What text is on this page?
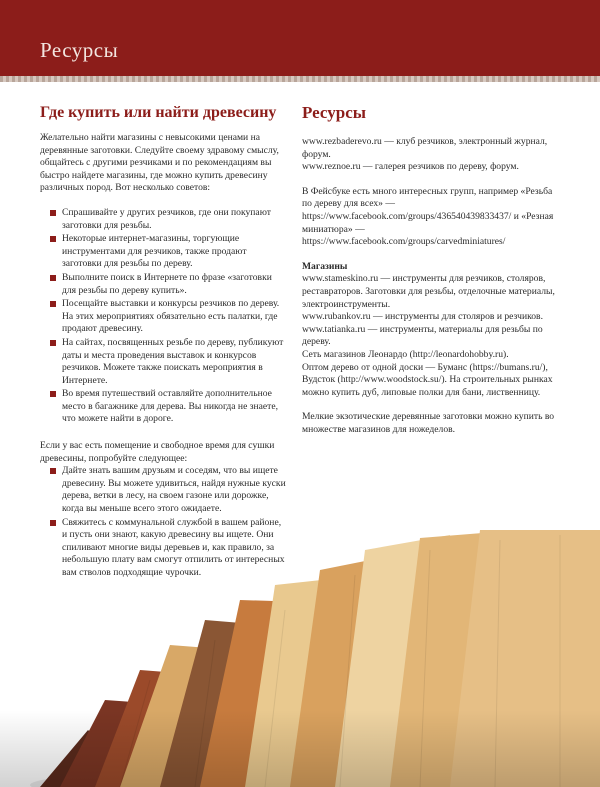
Ресурсы
Где купить или найти древесину

Желательно найти магазины с невысокими ценами на деревянные заготовки. Следуйте своему здравому смыслу, общайтесь с другими резчиками и по рекомендациям вы быстро найдете магазины, где можно купить древесину различных пород. Вот несколько советов:

Спрашивайте у других резчиков, где они покупают заготовки для резьбы.
Некоторые интернет-магазины, торгующие инструментами для резчиков, также продают заготовки для резьбы по дереву.
Выполните поиск в Интернете по фразе «заготовки для резьбы по дереву купить».
Посещайте выставки и конкурсы резчиков по дереву. На этих мероприятиях обязательно есть палатки, где продают древесину.
На сайтах, посвященных резьбе по дереву, публикуют даты и места проведения выставок и конкурсов резчиков. Можете также поискать мероприятия в Интернете.
Во время путешествий оставляйте дополнительное место в багажнике для дерева. Вы никогда не знаете, что можете найти в дороге.

Если у вас есть помещение и свободное время для сушки древесины, попробуйте следующее:

Дайте знать вашим друзьям и соседям, что вы ищете древесину. Вы можете удивиться, найдя нужные куски дерева, ветки в лесу, на своем газоне или дорожке, когда вы меньше всего этого ожидаете.
Свяжитесь с коммунальной службой в вашем районе, и пусть они знают, какую древесину вы ищете. Они спиливают многие виды деревьев и, как правило, за небольшую плату вам смогут отпилить от интересных вам стволов подходящие чурочки.
Ресурсы

www.rezbaderevo.ru — клуб резчиков, электронный журнал, форум.

www.reznoe.ru — галерея резчиков по дереву, форум.

В Фейсбуке есть много интересных групп, например «Резьба по дереву для всех» — https://www.facebook.com/groups/436540439833437/ и «Резная миниатюра» — https://www.facebook.com/groups/carvedminiatures/

Магазины

www.stameskino.ru — инструменты для резчиков, столяров, реставраторов. Заготовки для резьбы, отделочные материалы, электроинструменты.

www.rubankov.ru — инструменты для столяров и резчиков.

www.tatianka.ru — инструменты, материалы для резьбы по дереву.

Сеть магазинов Леонардо (http://leonardohobby.ru).

Оптом дерево от одной доски — Буманс (https://bumans.ru/), Вудсток (http://www.woodstock.su/). На строительных рынках можно купить дуб, липовые полки для бани, лиственницу.

Мелкие экзотические деревянные заготовки можно купить во множестве магазинов для ножеделов.
